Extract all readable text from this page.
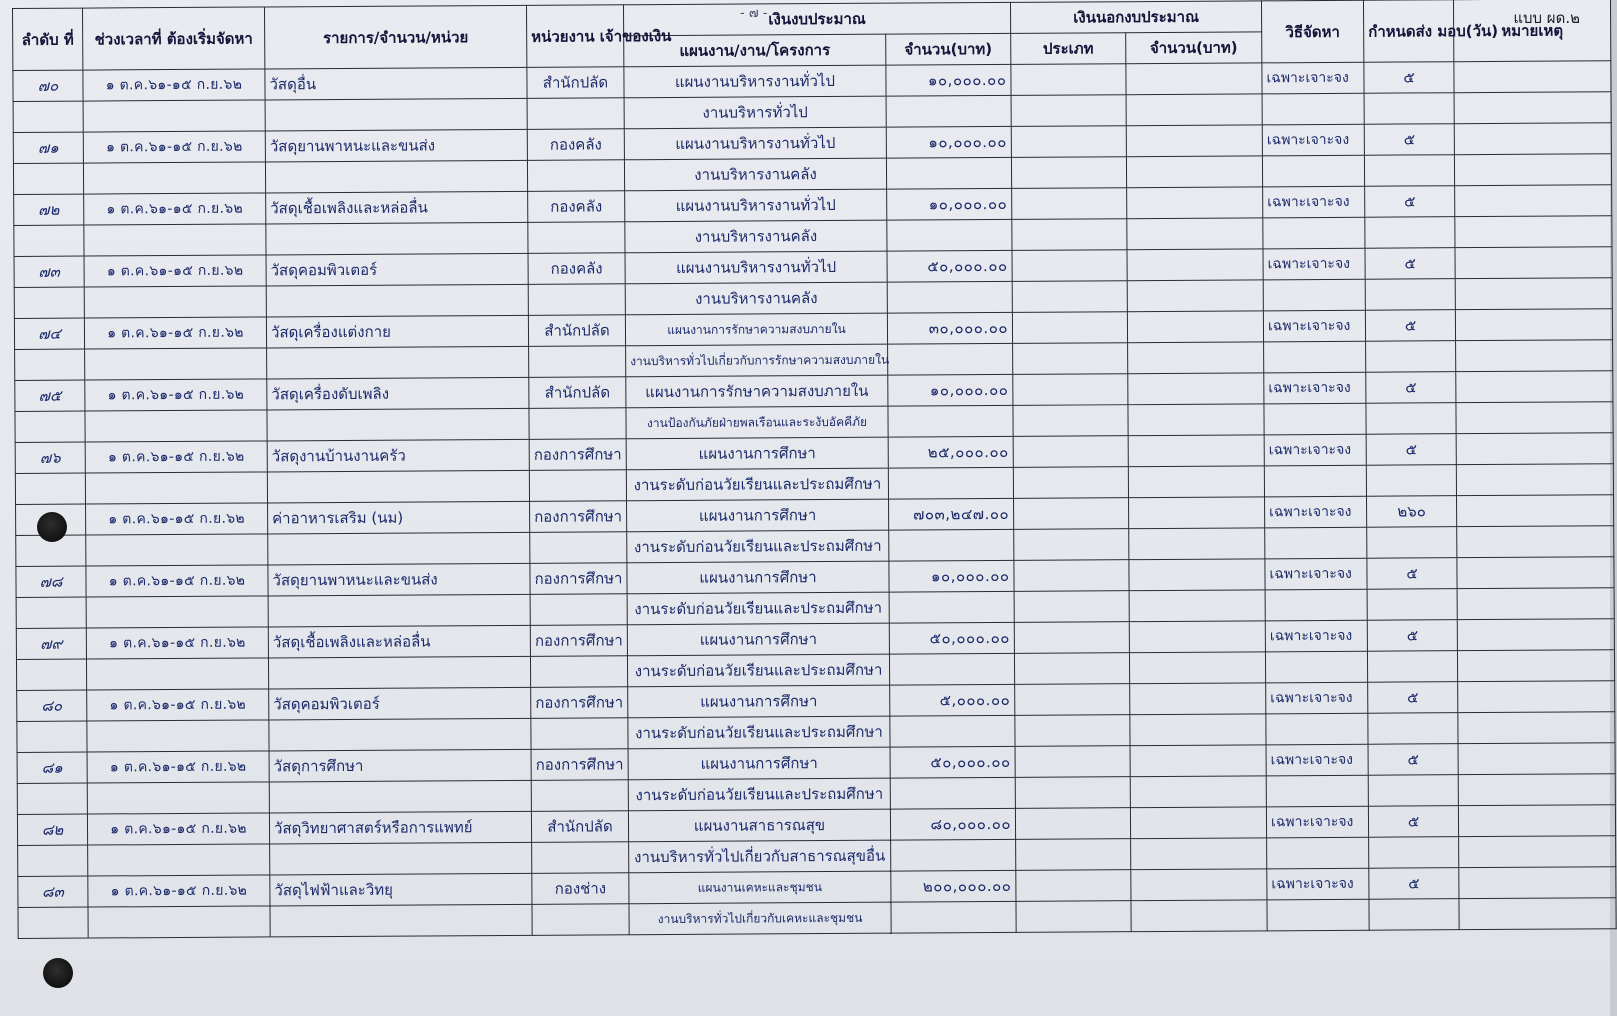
- ๗ -	แบบ ผด.๒
ลำดับ ที่	ช่วงเวลาที่ ต้องเริ่มจัดหา	รายการ/จำนวน/หน่วย	หน่วยงาน เจ้าของเงิน	เงินงบประมาณ		เงินนอกงบประมาณ		วิธีจัดหา	กำหนดส่ง มอบ(วัน)	หมายเหตุ
				แผนงาน/งาน/โครงการ	จำนวน(บาท)	ประเภท	จำนวน(บาท)			
๗๐	๑ ต.ค.๖๑-๑๕ ก.ย.๖๒	วัสดุอื่น	สำนักปลัด	แผนงานบริหารงานทั่วไป	๑๐,๐๐๐.๐๐			เฉพาะเจาะจง	๕	
				งานบริหารทั่วไป						
๗๑	๑ ต.ค.๖๑-๑๕ ก.ย.๖๒	วัสดุยานพาหนะและขนส่ง	กองคลัง	แผนงานบริหารงานทั่วไป	๑๐,๐๐๐.๐๐			เฉพาะเจาะจง	๕	
				งานบริหารงานคลัง						
๗๒	๑ ต.ค.๖๑-๑๕ ก.ย.๖๒	วัสดุเชื้อเพลิงและหล่อลื่น	กองคลัง	แผนงานบริหารงานทั่วไป	๑๐,๐๐๐.๐๐			เฉพาะเจาะจง	๕	
				งานบริหารงานคลัง						
๗๓	๑ ต.ค.๖๑-๑๕ ก.ย.๖๒	วัสดุคอมพิวเตอร์	กองคลัง	แผนงานบริหารงานทั่วไป	๕๐,๐๐๐.๐๐			เฉพาะเจาะจง	๕	
				งานบริหารงานคลัง						
๗๔	๑ ต.ค.๖๑-๑๕ ก.ย.๖๒	วัสดุเครื่องแต่งกาย	สำนักปลัด	แผนงานการรักษาความสงบภายใน	๓๐,๐๐๐.๐๐			เฉพาะเจาะจง	๕	
				งานบริหารทั่วไปเกี่ยวกับการรักษาความสงบภายใน						
๗๕	๑ ต.ค.๖๑-๑๕ ก.ย.๖๒	วัสดุเครื่องดับเพลิง	สำนักปลัด	แผนงานการรักษาความสงบภายใน	๑๐,๐๐๐.๐๐			เฉพาะเจาะจง	๕	
				งานป้องกันภัยฝ่ายพลเรือนและระงับอัคคีภัย						
๗๖	๑ ต.ค.๖๑-๑๕ ก.ย.๖๒	วัสดุงานบ้านงานครัว	กองการศึกษา	แผนงานการศึกษา	๒๕,๐๐๐.๐๐			เฉพาะเจาะจง	๕	
				งานระดับก่อนวัยเรียนและประถมศึกษา						
	๑ ต.ค.๖๑-๑๕ ก.ย.๖๒	ค่าอาหารเสริม (นม)	กองการศึกษา	แผนงานการศึกษา	๗๐๓,๒๔๗.๐๐			เฉพาะเจาะจง	๒๖๐	
				งานระดับก่อนวัยเรียนและประถมศึกษา						
๗๘	๑ ต.ค.๖๑-๑๕ ก.ย.๖๒	วัสดุยานพาหนะและขนส่ง	กองการศึกษา	แผนงานการศึกษา	๑๐,๐๐๐.๐๐			เฉพาะเจาะจง	๕	
				งานระดับก่อนวัยเรียนและประถมศึกษา						
๗๙	๑ ต.ค.๖๑-๑๕ ก.ย.๖๒	วัสดุเชื้อเพลิงและหล่อลื่น	กองการศึกษา	แผนงานการศึกษา	๕๐,๐๐๐.๐๐			เฉพาะเจาะจง	๕	
				งานระดับก่อนวัยเรียนและประถมศึกษา						
๘๐	๑ ต.ค.๖๑-๑๕ ก.ย.๖๒	วัสดุคอมพิวเตอร์	กองการศึกษา	แผนงานการศึกษา	๕,๐๐๐.๐๐			เฉพาะเจาะจง	๕	
				งานระดับก่อนวัยเรียนและประถมศึกษา						
๘๑	๑ ต.ค.๖๑-๑๕ ก.ย.๖๒	วัสดุการศึกษา	กองการศึกษา	แผนงานการศึกษา	๕๐,๐๐๐.๐๐			เฉพาะเจาะจง	๕	
				งานระดับก่อนวัยเรียนและประถมศึกษา						
๘๒	๑ ต.ค.๖๑-๑๕ ก.ย.๖๒	วัสดุวิทยาศาสตร์หรือการแพทย์	สำนักปลัด	แผนงานสาธารณสุข	๘๐,๐๐๐.๐๐			เฉพาะเจาะจง	๕	
				งานบริหารทั่วไปเกี่ยวกับสาธารณสุขอื่น						
๘๓	๑ ต.ค.๖๑-๑๕ ก.ย.๖๒	วัสดุไฟฟ้าและวิทยุ	กองช่าง	แผนงานเคหะและชุมชน	๒๐๐,๐๐๐.๐๐			เฉพาะเจาะจง	๕	
				งานบริหารทั่วไปเกี่ยวกับเคหะและชุมชน						
